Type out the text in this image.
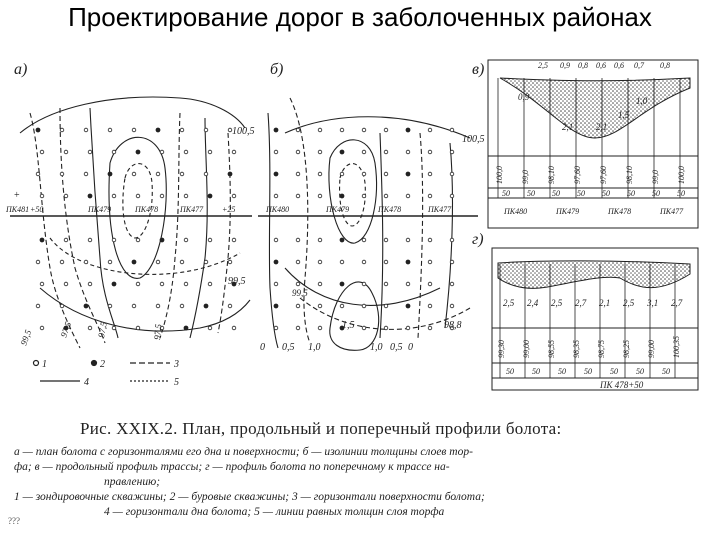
Проектирование дорог в заболоченных районах
а)	б)	в)
г)
100,5
99,5
97,5
99,5	97,5	97,5
ПК481 +50	ПК479	ПК478	ПК477 +25
+
100,5
99,5
98,8
1,5
ПК480	ПК479	ПК478	ПК477
0 0,5 1,0	1,0 0,5 0
100,0 99,0 98,10 97,60 97,60 98,10 99,0 100,0
50 50 50 50 50 50 50 50
2,5 0,9 0,8 0,6 0,6 0,7 0,8
2,1	2,1
1,5
1,0
0,9
ПК480	ПК479	ПК478	ПК477
99,30 99,00 98,55 98,35 98,75 98,25 99,00 100,35
2,5 2,4 2,5 2,7 2,1 2,5 3,1 2,7
50 50 50 50 50 50 50
ПК 478+50
1	2	3
4	5
Рис. XXIX.2. План, продольный и поперечный профили болота:
а — план болота с горизонталями его дна и поверхности; б — изолинии толщины слоев тор-
фа; в — продольный профиль трассы; г — профиль болота по поперечному к трассе на-
правлению;
1 — зондировочные скважины; 2 — буровые скважины; 3 — горизонтали поверхности болота;
4 — горизонтали дна болота; 5 — линии равных толщин слоя торфа
???
